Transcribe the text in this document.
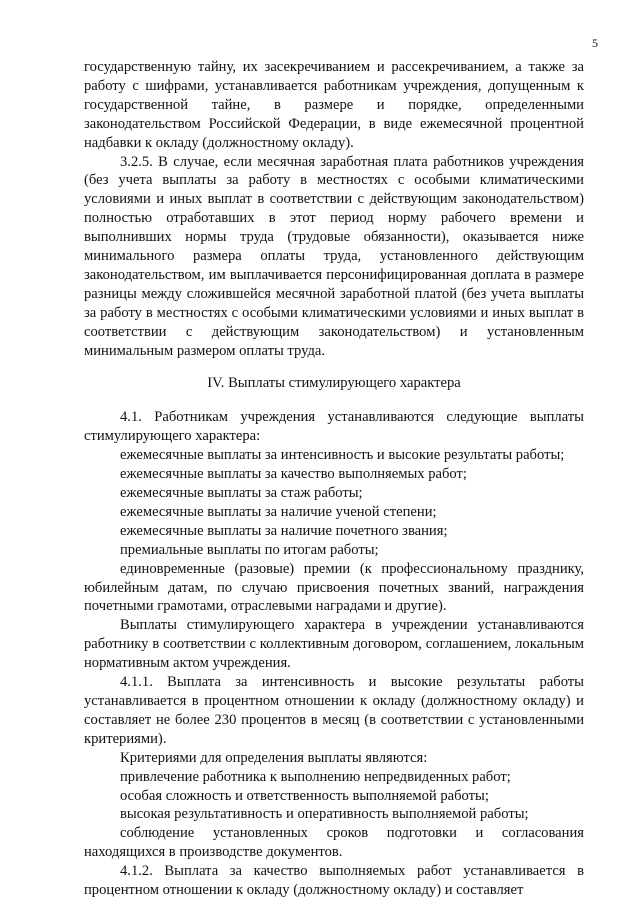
5

государственную тайну, их засекречиванием и рассекречиванием, а также за работу с шифрами, устанавливается работникам учреждения, допущенным к государственной тайне, в размере и порядке, определенными законодательством Российской Федерации, в виде ежемесячной процентной надбавки к окладу (должностному окладу).

3.2.5. В случае, если месячная заработная плата работников учреждения (без учета выплаты за работу в местностях с особыми климатическими условиями и иных выплат в соответствии с действующим законодательством) полностью отработавших в этот период норму рабочего времени и выполнивших нормы труда (трудовые обязанности), оказывается ниже минимального размера оплаты труда, установленного действующим законодательством, им выплачивается персонифицированная доплата в размере разницы между сложившейся месячной заработной платой (без учета выплаты за работу в местностях с особыми климатическими условиями и иных выплат в соответствии с действующим законодательством) и установленным минимальным размером оплаты труда.

IV. Выплаты стимулирующего характера

4.1. Работникам учреждения устанавливаются следующие выплаты стимулирующего характера:

ежемесячные выплаты за интенсивность и высокие результаты работы;

ежемесячные выплаты за качество выполняемых работ;

ежемесячные выплаты за стаж работы;

ежемесячные выплаты за наличие ученой степени;

ежемесячные выплаты за наличие почетного звания;

премиальные выплаты по итогам работы;

единовременные (разовые) премии (к профессиональному празднику, юбилейным датам, по случаю присвоения почетных званий, награждения почетными грамотами, отраслевыми наградами и другие).

Выплаты стимулирующего характера в учреждении устанавливаются работнику в соответствии с коллективным договором, соглашением, локальным нормативным актом учреждения.

4.1.1. Выплата за интенсивность и высокие результаты работы устанавливается в процентном отношении к окладу (должностному окладу) и составляет не более 230 процентов в месяц (в соответствии с установленными критериями).

Критериями для определения выплаты являются:

привлечение работника к выполнению непредвиденных работ;

особая сложность и ответственность выполняемой работы;

высокая результативность и оперативность выполняемой работы;

соблюдение установленных сроков подготовки и согласования находящихся в производстве документов.

4.1.2. Выплата за качество выполняемых работ устанавливается в процентном отношении к окладу (должностному окладу) и составляет
